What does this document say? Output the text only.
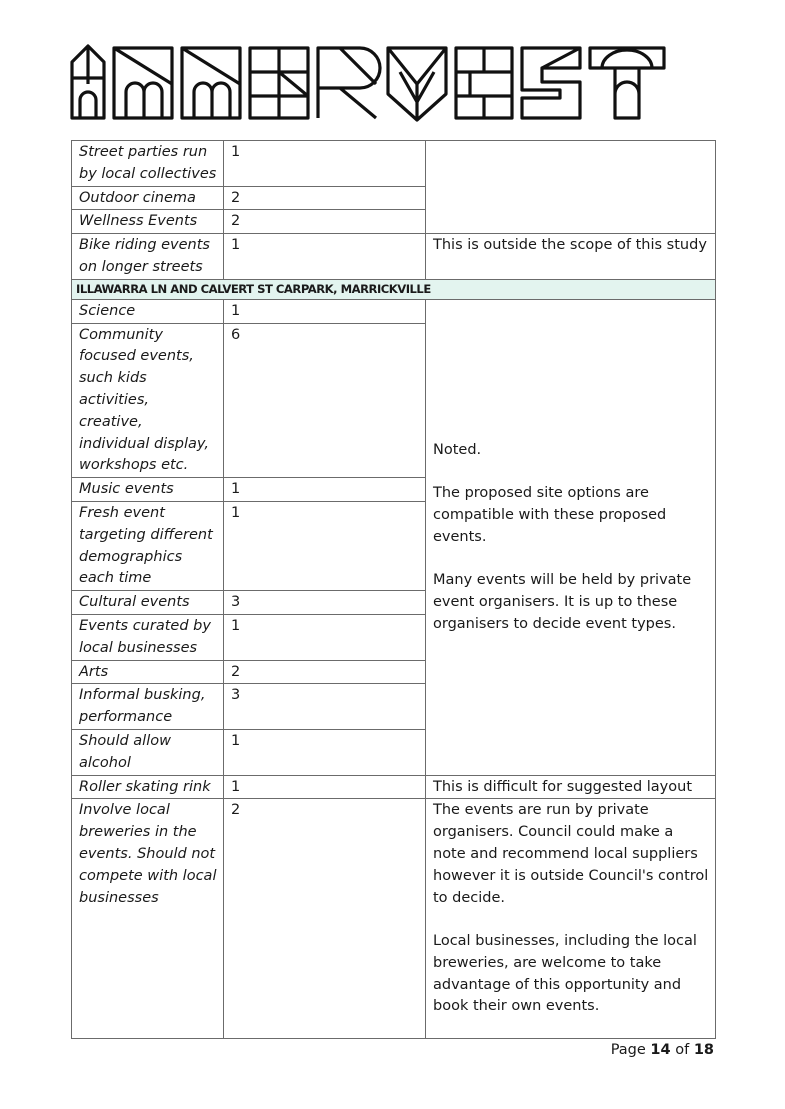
Street parties run by local collectives	1	
Outdoor cinema	2	
Wellness Events	2	
Bike riding events on longer streets	1	This is outside the scope of this study
ILLAWARRA LN AND CALVERT ST CARPARK, MARRICKVILLE		
Science	1	Noted.
The proposed site options are compatible with these proposed events.
Many events will be held by private event organisers. It is up to these organisers to decide event types.

Community focused events, such kids activities, creative, individual display, workshops etc.	6	
Music events	1	
Fresh event targeting different demographics each time	1	
Cultural events	3	
Events curated by local businesses	1	
Arts	2	
Informal busking, performance	3	
Should allow alcohol	1	
Roller skating rink	1	This is difficult for suggested layout
Involve local breweries in the events. Should not compete with local businesses	2	The events are run by private organisers. Council could make a note and recommend local suppliers however it is outside Council's control to decide.
Local businesses, including the local breweries, are welcome to take advantage of this opportunity and book their own events.
Page 14 of 18
